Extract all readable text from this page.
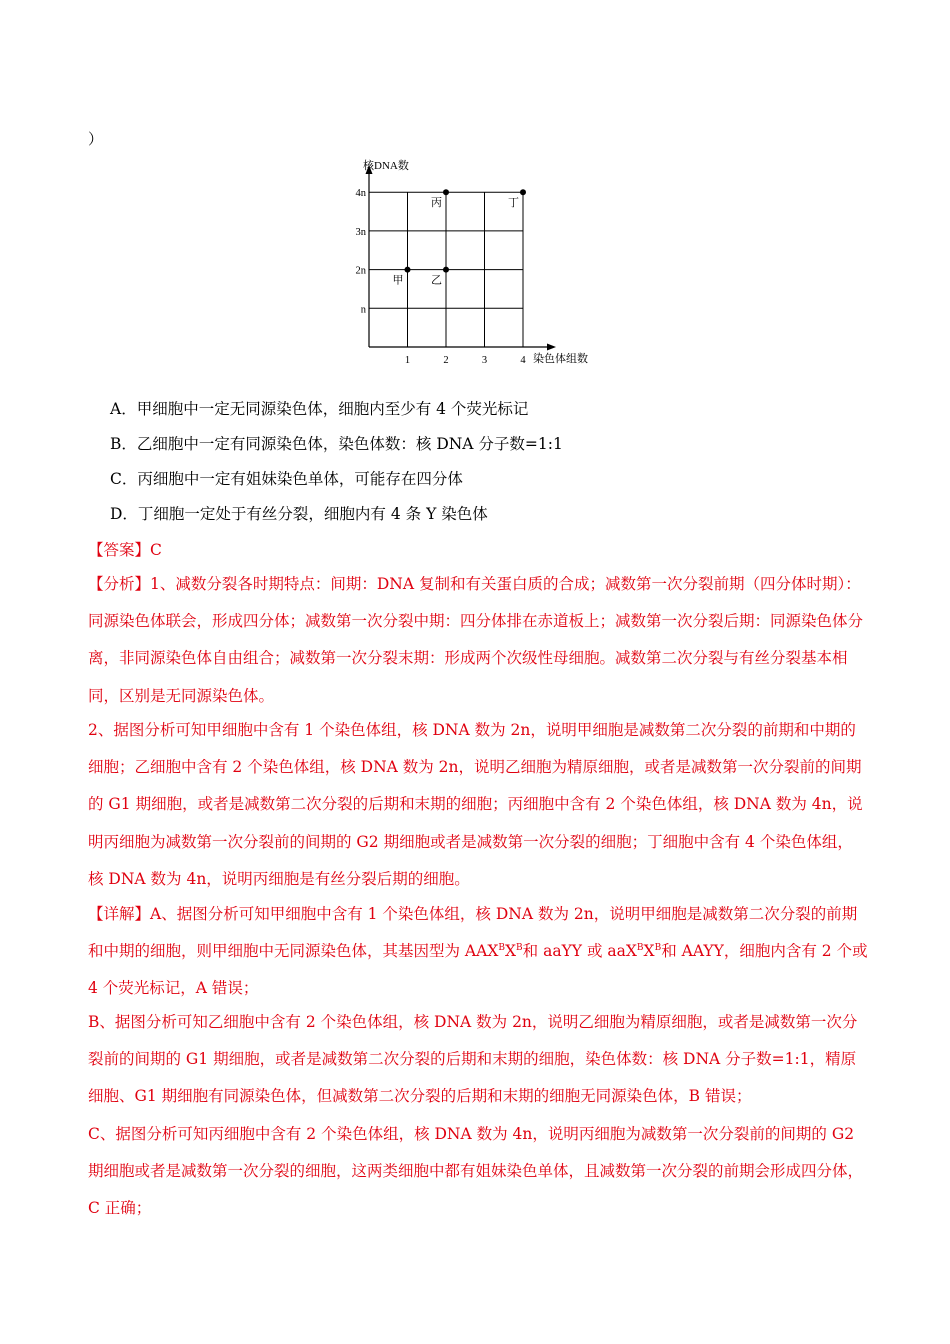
）
核DNA数
染色体组数
n
2n
3n
4n
1	2	3	4
甲	乙
丙	丁

A．甲细胞中一定无同源染色体，细胞内至少有 4 个荧光标记

B．乙细胞中一定有同源染色体，染色体数：核 DNA 分子数=1:1

C．丙细胞中一定有姐妹染色单体，可能存在四分体

D．丁细胞一定处于有丝分裂，细胞内有 4 条 Y 染色体

【答案】C
【分析】1、减数分裂各时期特点：间期：DNA 复制和有关蛋白质的合成；减数第一次分裂前期（四分体时期）：同源染色体联会，形成四分体；减数第一次分裂中期：四分体排在赤道板上；减数第一次分裂后期：同源染色体分离，非同源染色体自由组合；减数第一次分裂末期：形成两个次级性母细胞。减数第二次分裂与有丝分裂基本相同，区别是无同源染色体。
2、据图分析可知甲细胞中含有 1 个染色体组，核 DNA 数为 2n，说明甲细胞是减数第二次分裂的前期和中期的细胞；乙细胞中含有 2 个染色体组，核 DNA 数为 2n，说明乙细胞为精原细胞，或者是减数第一次分裂前的间期的 G1 期细胞，或者是减数第二次分裂的后期和末期的细胞；丙细胞中含有 2 个染色体组，核 DNA 数为 4n，说明丙细胞为减数第一次分裂前的间期的 G2 期细胞或者是减数第一次分裂的细胞；丁细胞中含有 4 个染色体组，核 DNA 数为 4n，说明丙细胞是有丝分裂后期的细胞。
【详解】A、据图分析可知甲细胞中含有 1 个染色体组，核 DNA 数为 2n，说明甲细胞是减数第二次分裂的前期和中期的细胞，则甲细胞中无同源染色体，其基因型为 $AAX^BX^B$和 aaYY 或 $aaX^BX^B$和 AAYY，细胞内含有 2 个或 4 个荧光标记，A 错误；
B、据图分析可知乙细胞中含有 2 个染色体组，核 DNA 数为 2n，说明乙细胞为精原细胞，或者是减数第一次分裂前的间期的 G1 期细胞，或者是减数第二次分裂的后期和末期的细胞，染色体数：核 DNA 分子数=1:1，精原细胞、G1 期细胞有同源染色体，但减数第二次分裂的后期和末期的细胞无同源染色体，B 错误；
C、据图分析可知丙细胞中含有 2 个染色体组，核 DNA 数为 4n，说明丙细胞为减数第一次分裂前的间期的 G2 期细胞或者是减数第一次分裂的细胞，这两类细胞中都有姐妹染色单体，且减数第一次分裂的前期会形成四分体，C 正确；
